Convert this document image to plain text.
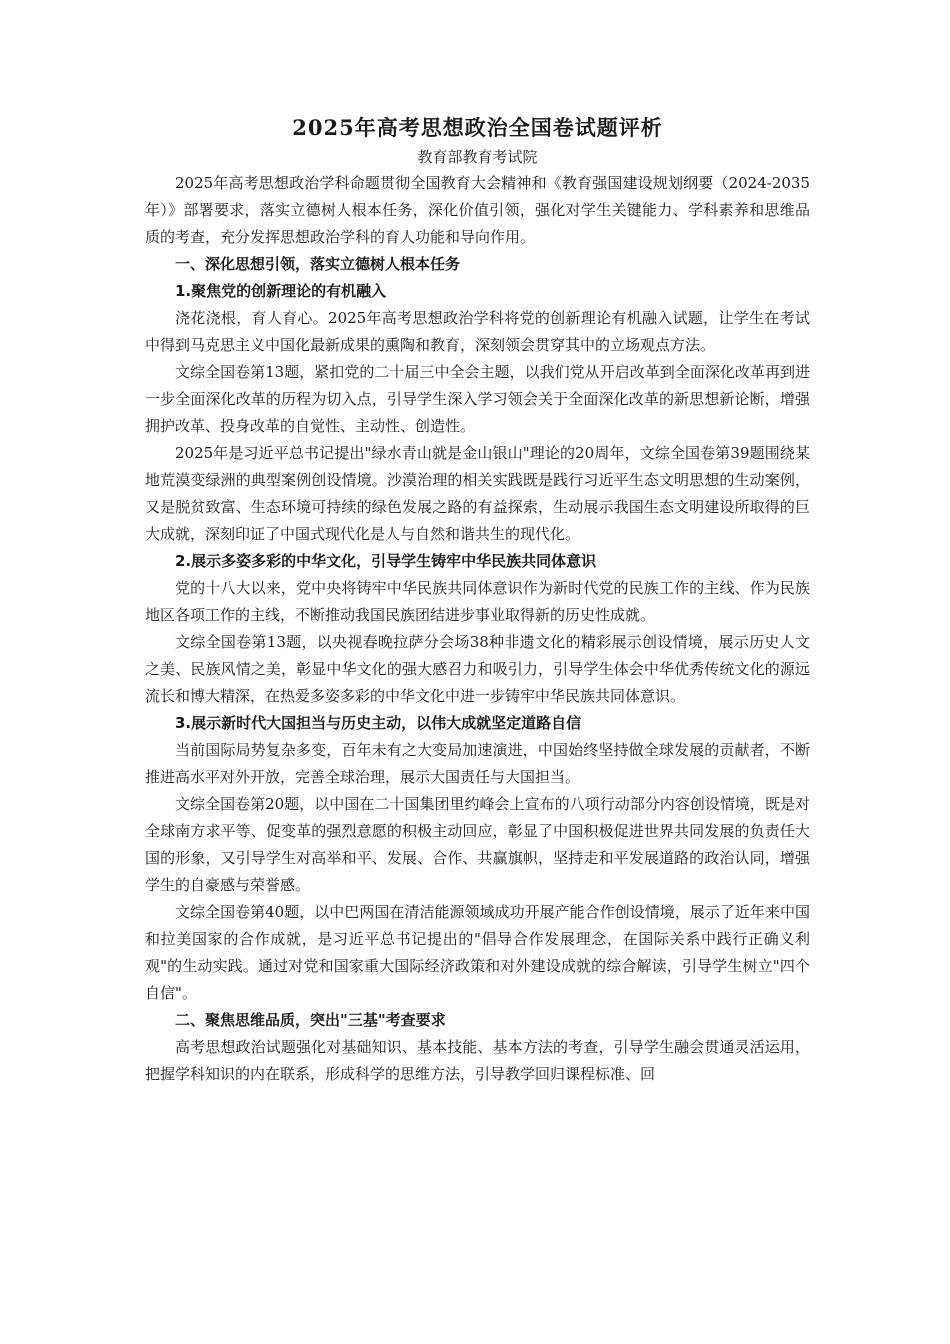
2025年高考思想政治全国卷试题评析

教育部教育考试院

2025年高考思想政治学科命题贯彻全国教育大会精神和《教育强国建设规划纲要（2024-2035年）》部署要求，落实立德树人根本任务，深化价值引领，强化对学生关键能力、学科素养和思维品质的考查，充分发挥思想政治学科的育人功能和导向作用。

一、深化思想引领，落实立德树人根本任务

1.聚焦党的创新理论的有机融入

浇花浇根，育人育心。2025年高考思想政治学科将党的创新理论有机融入试题，让学生在考试中得到马克思主义中国化最新成果的熏陶和教育，深刻领会贯穿其中的立场观点方法。

文综全国卷第13题，紧扣党的二十届三中全会主题，以我们党从开启改革到全面深化改革再到进一步全面深化改革的历程为切入点，引导学生深入学习领会关于全面深化改革的新思想新论断，增强拥护改革、投身改革的自觉性、主动性、创造性。

2025年是习近平总书记提出"绿水青山就是金山银山"理论的20周年，文综全国卷第39题围绕某地荒漠变绿洲的典型案例创设情境。沙漠治理的相关实践既是践行习近平生态文明思想的生动案例，又是脱贫致富、生态环境可持续的绿色发展之路的有益探索，生动展示我国生态文明建设所取得的巨大成就，深刻印证了中国式现代化是人与自然和谐共生的现代化。

2.展示多姿多彩的中华文化，引导学生铸牢中华民族共同体意识

党的十八大以来，党中央将铸牢中华民族共同体意识作为新时代党的民族工作的主线、作为民族地区各项工作的主线，不断推动我国民族团结进步事业取得新的历史性成就。

文综全国卷第13题，以央视春晚拉萨分会场38种非遗文化的精彩展示创设情境，展示历史人文之美、民族风情之美，彰显中华文化的强大感召力和吸引力，引导学生体会中华优秀传统文化的源远流长和博大精深，在热爱多姿多彩的中华文化中进一步铸牢中华民族共同体意识。

3.展示新时代大国担当与历史主动，以伟大成就坚定道路自信

当前国际局势复杂多变，百年未有之大变局加速演进，中国始终坚持做全球发展的贡献者，不断推进高水平对外开放，完善全球治理，展示大国责任与大国担当。

文综全国卷第20题，以中国在二十国集团里约峰会上宣布的八项行动部分内容创设情境，既是对全球南方求平等、促变革的强烈意愿的积极主动回应，彰显了中国积极促进世界共同发展的负责任大国的形象，又引导学生对高举和平、发展、合作、共赢旗帜，坚持走和平发展道路的政治认同，增强学生的自豪感与荣誉感。

文综全国卷第40题，以中巴两国在清洁能源领域成功开展产能合作创设情境，展示了近年来中国和拉美国家的合作成就，是习近平总书记提出的"倡导合作发展理念，在国际关系中践行正确义利观"的生动实践。通过对党和国家重大国际经济政策和对外建设成就的综合解读，引导学生树立"四个自信"。

二、聚焦思维品质，突出"三基"考查要求

高考思想政治试题强化对基础知识、基本技能、基本方法的考查，引导学生融会贯通灵活运用，把握学科知识的内在联系，形成科学的思维方法，引导教学回归课程标准、回
